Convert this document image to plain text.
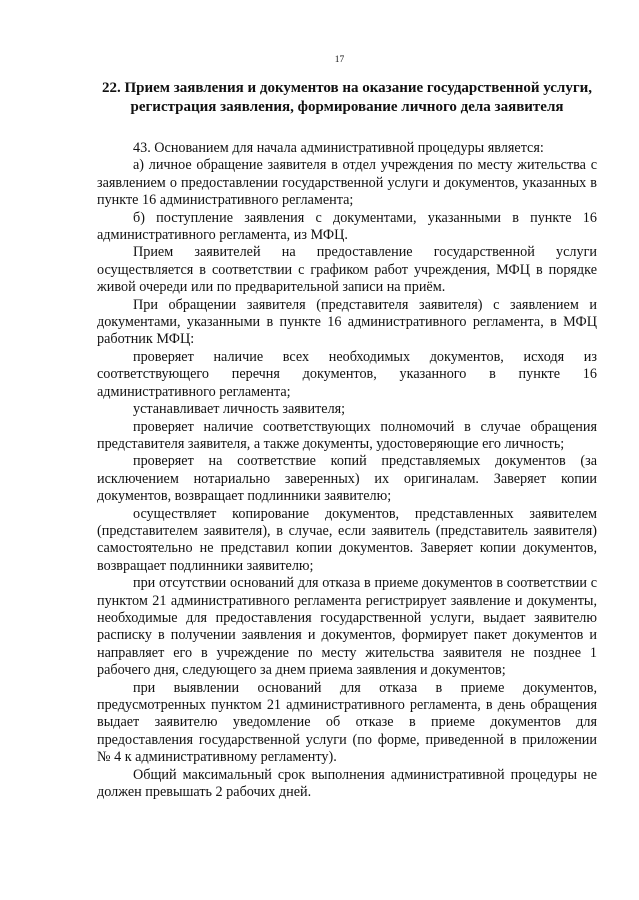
17
22. Прием заявления и документов на оказание государственной услуги,
регистрация заявления, формирование личного дела заявителя

43. Основанием для начала административной процедуры является:

а) личное обращение заявителя в отдел учреждения по месту жительства с заявлением о предоставлении государственной услуги и документов, указанных в пункте 16 административного регламента;

б) поступление заявления с документами, указанными в пункте 16 административного регламента, из МФЦ.

Прием заявителей на предоставление государственной услуги осуществляется в соответствии с графиком работ учреждения, МФЦ в порядке живой очереди или по предварительной записи на приём.

При обращении заявителя (представителя заявителя) с заявлением и документами, указанными в пункте 16 административного регламента, в МФЦ работник МФЦ:

проверяет наличие всех необходимых документов, исходя из соответствующего перечня документов, указанного в пункте 16 административного регламента;

устанавливает личность заявителя;

проверяет наличие соответствующих полномочий в случае обращения представителя заявителя, а также документы, удостоверяющие его личность;

проверяет на соответствие копий представляемых документов (за исключением нотариально заверенных) их оригиналам. Заверяет копии документов, возвращает подлинники заявителю;

осуществляет копирование документов, представленных заявителем (представителем заявителя), в случае, если заявитель (представитель заявителя) самостоятельно не представил копии документов. Заверяет копии документов, возвращает подлинники заявителю;

при отсутствии оснований для отказа в приеме документов в соответствии с пунктом 21 административного регламента регистрирует заявление и документы, необходимые для предоставления государственной услуги, выдает заявителю расписку в получении заявления и документов, формирует пакет документов и направляет его в учреждение по месту жительства заявителя не позднее 1 рабочего дня, следующего за днем приема заявления и документов;

при выявлении оснований для отказа в приеме документов, предусмотренных пунктом 21 административного регламента, в день обращения выдает заявителю уведомление об отказе в приеме документов для предоставления государственной услуги (по форме, приведенной в приложении № 4 к административному регламенту).

Общий максимальный срок выполнения административной процедуры не должен превышать 2 рабочих дней.
